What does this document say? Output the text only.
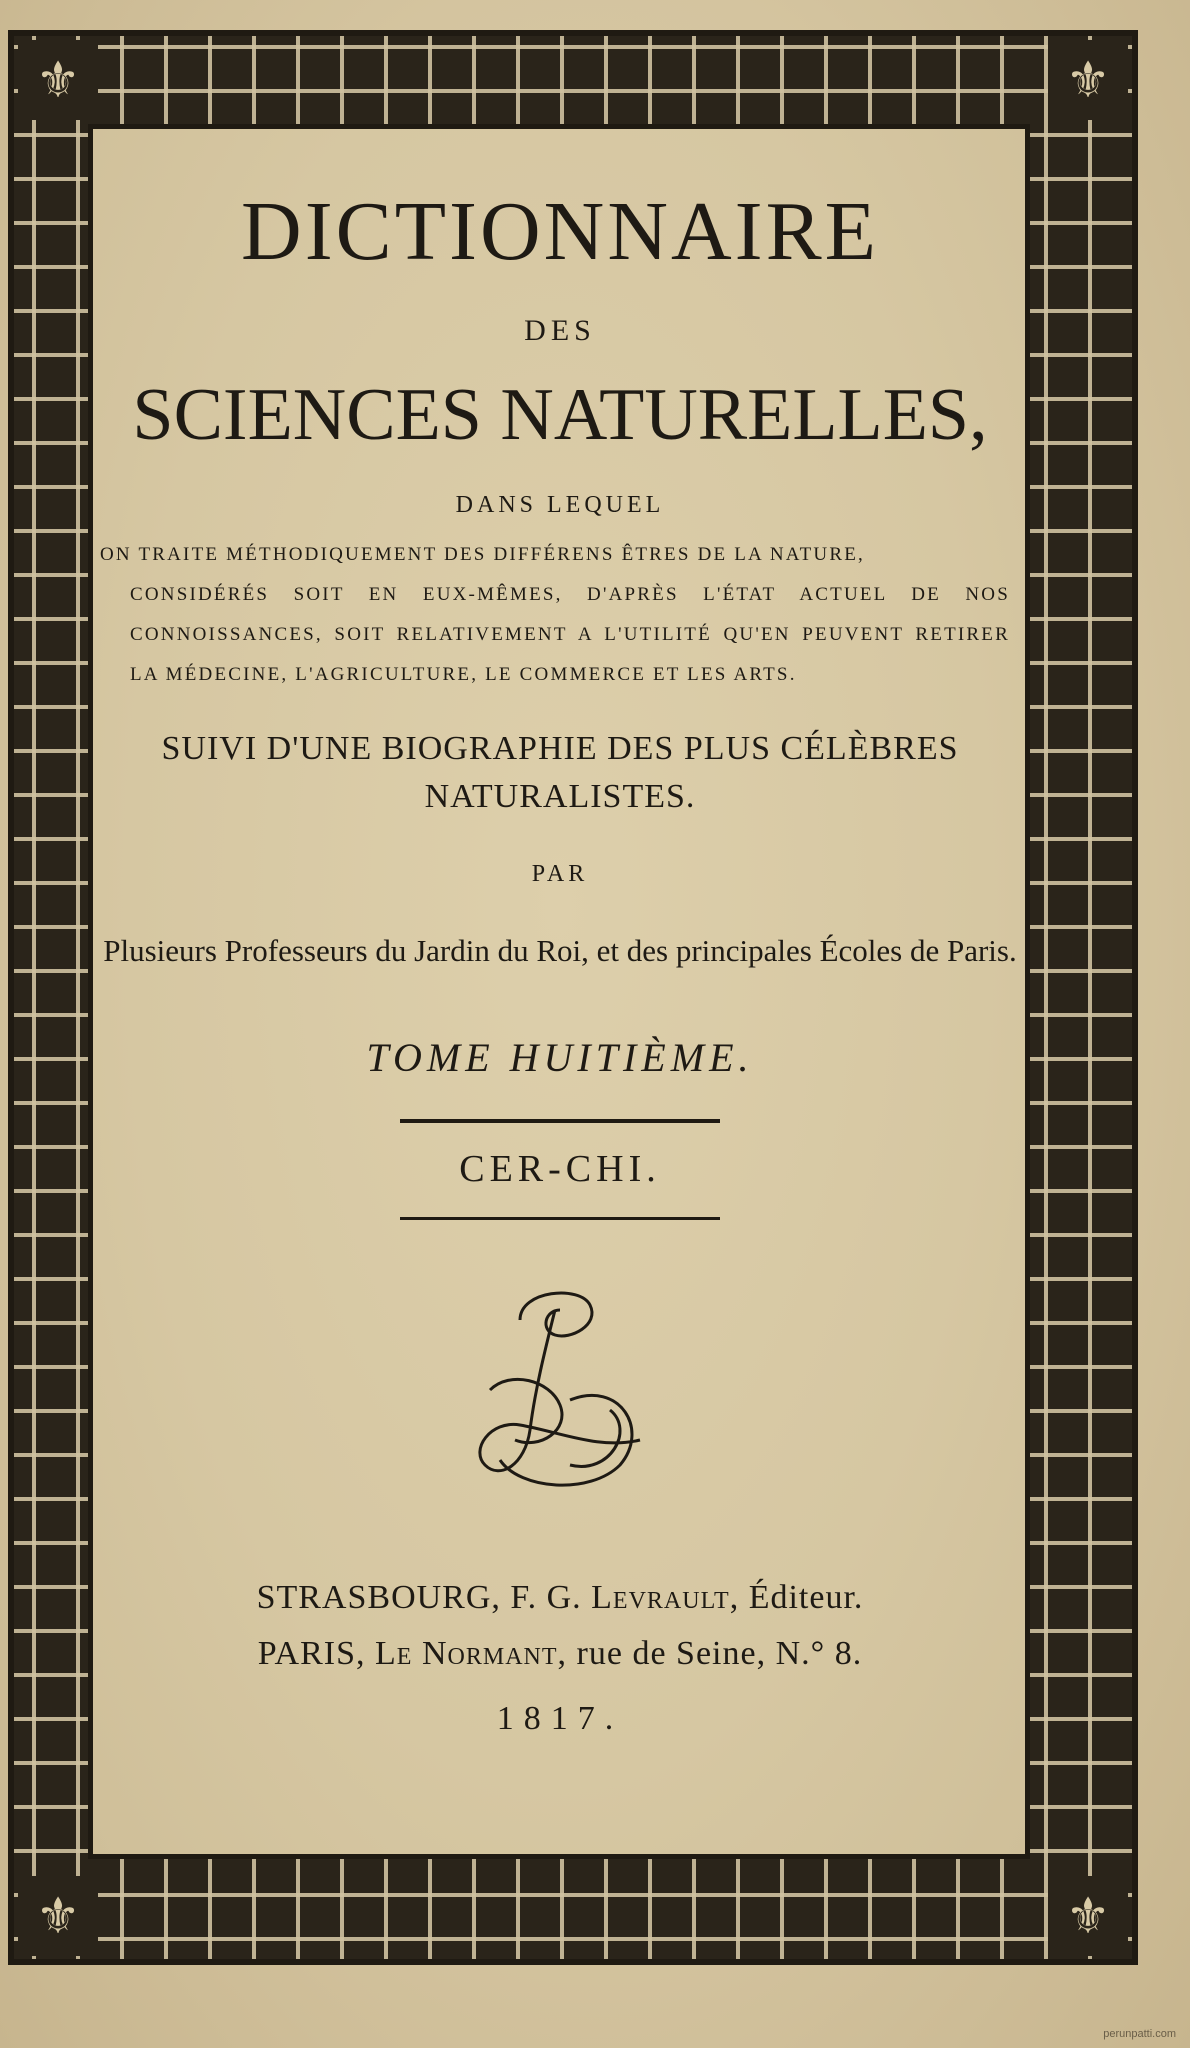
⚜	⚜
⚜	⚜
DICTIONNAIRE
DES
SCIENCES NATURELLES,
DANS LEQUEL
ON TRAITE MÉTHODIQUEMENT DES DIFFÉRENS ÊTRES DE LA NATURE,
CONSIDÉRÉS SOIT EN EUX-MÊMES, D'APRÈS L'ÉTAT ACTUEL DE NOS CONNOISSANCES, SOIT RELATIVEMENT A L'UTILITÉ QU'EN PEUVENT RETIRER LA MÉDECINE, L'AGRICULTURE, LE COMMERCE ET LES ARTS.
SUIVI D'UNE BIOGRAPHIE DES PLUS CÉLÈBRES NATURALISTES.
PAR
Plusieurs Professeurs du Jardin du Roi, et des principales Écoles de Paris.
TOME HUITIÈME.
CER-CHI.
L
STRASBOURG, F. G. Levrault, Éditeur.
PARIS, Le Normant, rue de Seine, N.° 8.
1817.
perunpatti.com
